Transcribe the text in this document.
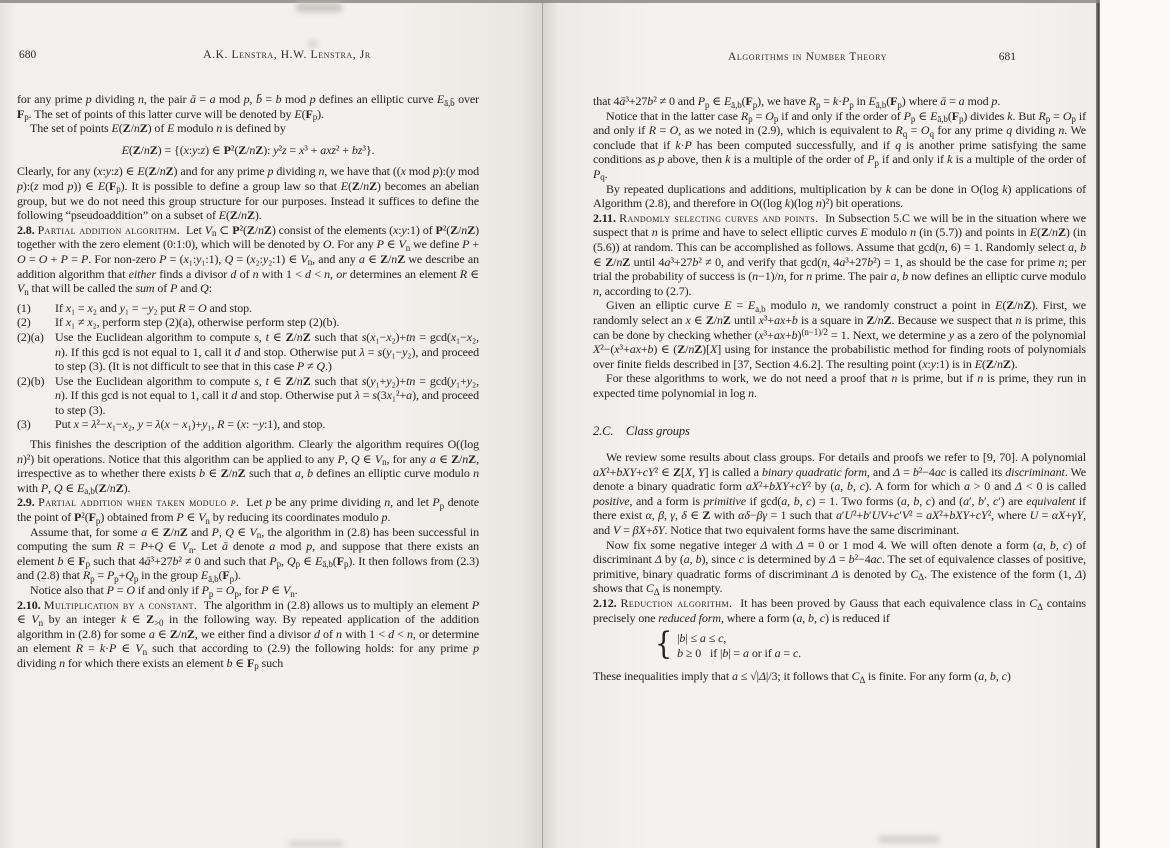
680	A.K. Lenstra, H.W. Lenstra, Jr

for any prime p dividing n, the pair ā = a mod p, b̄ = b mod p defines an elliptic curve $E_{ā,b̄}$ over $F_p$. The set of points of this latter curve will be denoted by $E(F_p)$.

The set of points E(Z/nZ) of E modulo n is defined by

E(Z/nZ) = {(x:y:z) ∈ P²(Z/nZ): y²z = x³ + axz² + bz³}.

Clearly, for any (x:y:z) ∈ E(Z/nZ) and for any prime p dividing n, we have that ((x mod p):(y mod p):(z mod p)) ∈ $E(F_p)$. It is possible to define a group law so that E(Z/nZ) becomes an abelian group, but we do not need this group structure for our purposes. Instead it suffices to define the following “pseudoaddition” on a subset of E(Z/nZ).

2.8. Partial addition algorithm.  Let $V_n$ ⊂ P²(Z/nZ) consist of the elements (x:y:1) of P²(Z/nZ) together with the zero element (0:1:0), which will be denoted by O. For any P ∈ $V_n$ we define P + O = O + P = P. For non-zero P = (x₁:y₁:1), Q = (x₂:y₂:1) ∈ $V_n$, and any a ∈ Z/nZ we describe an addition algorithm that either finds a divisor d of n with 1 < d < n, or determines an element R ∈ $V_n$ that will be called the sum of P and Q:

(1)	If x₁ = x₂ and y₁ = −y₂ put R = O and stop.
(2)	If x₁ ≠ x₂, perform step (2)(a), otherwise perform step (2)(b).
(2)(a) Use the Euclidean algorithm to compute s, t ∈ Z/nZ such that s(x₁−x₂)+tn = gcd(x₁−x₂, n). If this gcd is not equal to 1, call it d and stop. Otherwise put λ = s(y₁−y₂), and proceed to step (3). (It is not difficult to see that in this case P ≠ Q.)
(2)(b) Use the Euclidean algorithm to compute s, t ∈ Z/nZ such that s(y₁+y₂)+tn = gcd(y₁+y₂, n). If this gcd is not equal to 1, call it d and stop. Otherwise put λ = s(3x₁²+a), and proceed to step (3).
(3)	Put x = λ²−x₁−x₂, y = λ(x − x₁)+y₁, R = (x: −y:1), and stop.

This finishes the description of the addition algorithm. Clearly the algorithm requires O((log n)²) bit operations. Notice that this algorithm can be applied to any P, Q ∈ $V_n$, for any a ∈ Z/nZ, irrespective as to whether there exists b ∈ Z/nZ such that a, b defines an elliptic curve modulo n with P, Q ∈ $E_{a,b}(Z/nZ)$.

2.9. Partial addition when taken modulo p.  Let p be any prime dividing n, and let $P_p$ denote the point of $P^2(F_p)$ obtained from P ∈ $V_n$ by reducing its coordinates modulo p.

Assume that, for some a ∈ Z/nZ and P, Q ∈ $V_n$, the algorithm in (2.8) has been successful in computing the sum R = P+Q ∈ $V_n$. Let ā denote a mod p, and suppose that there exists an element b ∈ $F_p$ such that 4ā³+27b² ≠ 0 and such that $P_p$, $Q_p$ ∈ $E_{ā,b}(F_p)$. It then follows from (2.3) and (2.8) that $R_p = P_p+Q_p$ in the group $E_{ā,b}(F_p)$.

Notice also that P = O if and only if $P_p = O_p$, for P ∈ $V_n$.

2.10. Multiplication by a constant.  The algorithm in (2.8) allows us to multiply an element P ∈ $V_n$ by an integer k ∈ $Z_{>0}$ in the following way. By repeated application of the addition algorithm in (2.8) for some a ∈ Z/nZ, we either find a divisor d of n with 1 < d < n, or determine an element R = k·P ∈ $V_n$ such that according to (2.9) the following holds: for any prime p dividing n for which there exists an element b ∈ $F_p$ such

Algorithms in Number Theory	681

that 4ā³+27b² ≠ 0 and $P_p$ ∈ $E_{ā,b}(F_p)$, we have $R_p = k\cdot P_p$ in $E_{ā,b}(F_p)$ where ā = a mod p.

Notice that in the latter case $R_p = O_p$ if and only if the order of $P_p$ ∈ $E_{ā,b}(F_p)$ divides k. But $R_p = O_p$ if and only if R = O, as we noted in (2.9), which is equivalent to $R_q = O_q$ for any prime q dividing n. We conclude that if k·P has been computed successfully, and if q is another prime satisfying the same conditions as p above, then k is a multiple of the order of $P_p$ if and only if k is a multiple of the order of $P_q$.

By repeated duplications and additions, multiplication by k can be done in O(log k) applications of Algorithm (2.8), and therefore in O((log k)(log n)²) bit operations.

2.11. Randomly selecting curves and points.  In Subsection 5.C we will be in the situation where we suspect that n is prime and have to select elliptic curves E modulo n (in (5.7)) and points in E(Z/nZ) (in (5.6)) at random. This can be accomplished as follows. Assume that gcd(n, 6) = 1. Randomly select a, b ∈ Z/nZ until 4a³+27b² ≠ 0, and verify that gcd(n, 4a³+27b²) = 1, as should be the case for prime n; per trial the probability of success is (n−1)/n, for n prime. The pair a, b now defines an elliptic curve modulo n, according to (2.7).

Given an elliptic curve $E = E_{a,b}$ modulo n, we randomly construct a point in E(Z/nZ). First, we randomly select an x ∈ Z/nZ until x³+ax+b is a square in Z/nZ. Because we suspect that n is prime, this can be done by checking whether $(x^3+ax+b)^{(n-1)/2} = 1$. Next, we determine y as a zero of the polynomial X²−(x³+ax+b) ∈ (Z/nZ)[X] using for instance the probabilistic method for finding roots of polynomials over finite fields described in [37, Section 4.6.2]. The resulting point (x:y:1) is in E(Z/nZ).

For these algorithms to work, we do not need a proof that n is prime, but if n is prime, they run in expected time polynomial in log n.

2.C. Class groups

We review some results about class groups. For details and proofs we refer to [9, 70]. A polynomial aX²+bXY+cY² ∈ Z[X, Y] is called a binary quadratic form, and Δ = b²−4ac is called its discriminant. We denote a binary quadratic form aX²+bXY+cY² by (a, b, c). A form for which a > 0 and Δ < 0 is called positive, and a form is primitive if gcd(a, b, c) = 1. Two forms (a, b, c) and (a′, b′, c′) are equivalent if there exist α, β, γ, δ ∈ Z with αδ−βγ = 1 such that a′U²+b′UV+c′V² = aX²+bXY+cY², where U = αX+γY, and V = βX+δY. Notice that two equivalent forms have the same discriminant.

Now fix some negative integer Δ with Δ ≡ 0 or 1 mod 4. We will often denote a form (a, b, c) of discriminant Δ by (a, b), since c is determined by Δ = b²−4ac. The set of equivalence classes of positive, primitive, binary quadratic forms of discriminant Δ is denoted by $C_\Delta$. The existence of the form (1, Δ) shows that $C_\Delta$ is nonempty.

2.12. Reduction algorithm.  It has been proved by Gauss that each equivalence class in $C_\Delta$ contains precisely one reduced form, where a form (a, b, c) is reduced if

{ |b| ≤ a ≤ c,
b ≥ 0  if |b| = a or if a = c.

These inequalities imply that a ≤ √|Δ|/3; it follows that $C_\Delta$ is finite. For any form (a, b, c)
